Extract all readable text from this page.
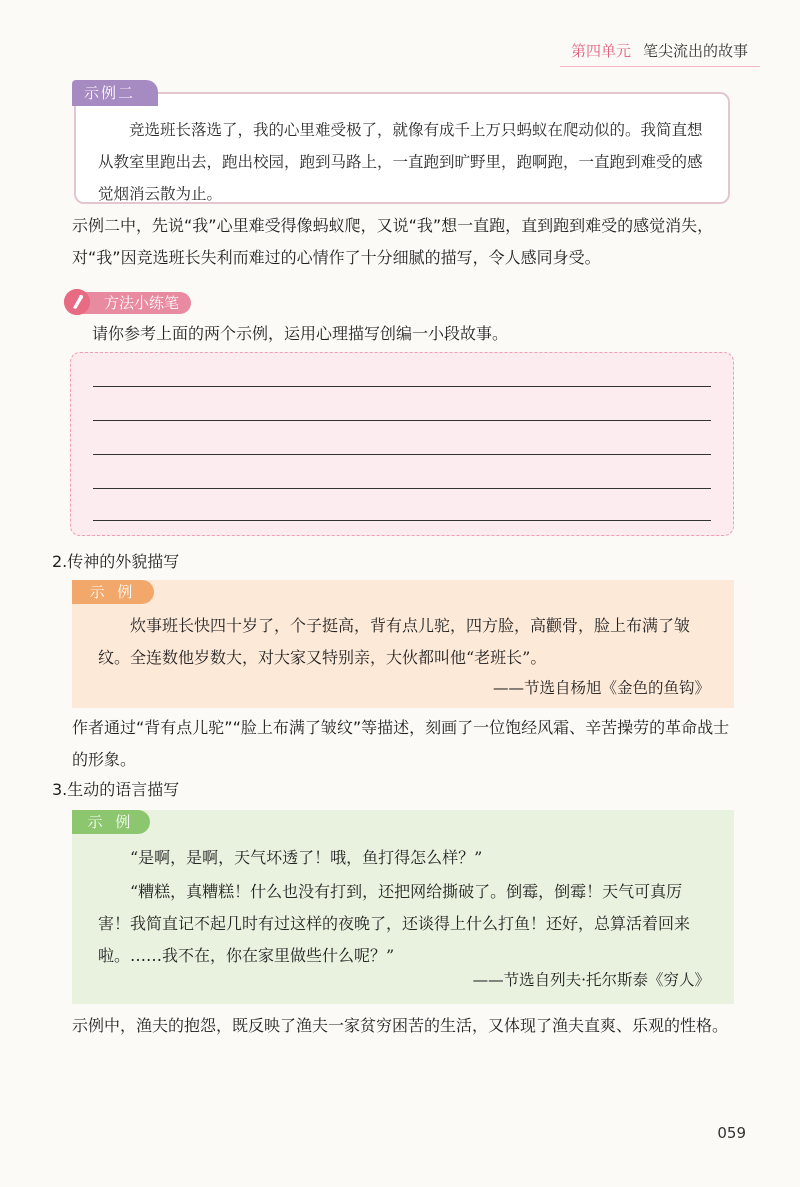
第四单元 笔尖流出的故事
竞选班长落选了，我的心里难受极了，就像有成千上万只蚂蚁在爬动似的。我简直想从教室里跑出去，跑出校园，跑到马路上，一直跑到旷野里，跑啊跑，一直跑到难受的感觉烟消云散为止。
示例二
示例二中，先说“我”心里难受得像蚂蚁爬，又说“我”想一直跑，直到跑到难受的感觉消失，对“我”因竞选班长失利而难过的心情作了十分细腻的描写，令人感同身受。
方法小练笔
请你参考上面的两个示例，运用心理描写创编一小段故事。
2.传神的外貌描写
炊事班长快四十岁了，个子挺高，背有点儿驼，四方脸，高颧骨，脸上布满了皱纹。全连数他岁数大，对大家又特别亲，大伙都叫他“老班长”。
——节选自杨旭《金色的鱼钩》
示 例
作者通过“背有点儿驼”“脸上布满了皱纹”等描述，刻画了一位饱经风霜、辛苦操劳的革命战士的形象。
3.生动的语言描写
“是啊，是啊，天气坏透了！哦，鱼打得怎么样？”
“糟糕，真糟糕！什么也没有打到，还把网给撕破了。倒霉，倒霉！天气可真厉害！我简直记不起几时有过这样的夜晚了，还谈得上什么打鱼！还好，总算活着回来啦。……我不在，你在家里做些什么呢？”
——节选自列夫·托尔斯泰《穷人》
示 例
示例中，渔夫的抱怨，既反映了渔夫一家贫穷困苦的生活，又体现了渔夫直爽、乐观的性格。
059
